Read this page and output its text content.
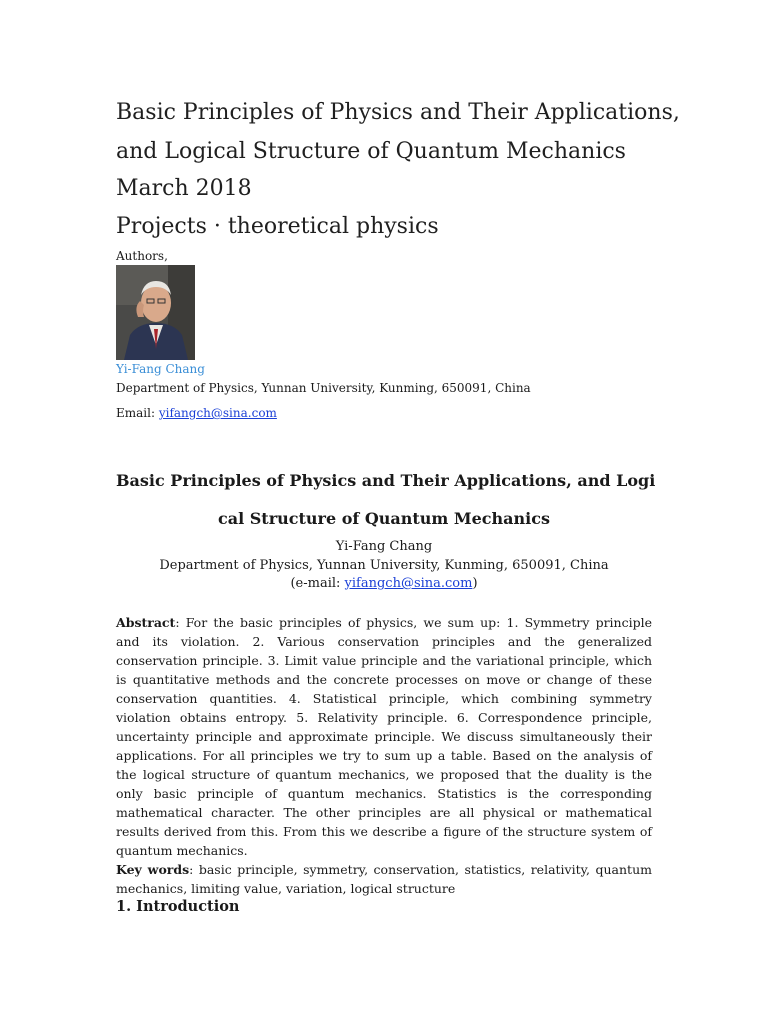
Basic Principles of Physics and Their Applications,
and Logical Structure of Quantum Mechanics
March 2018
Projects · theoretical physics
Authors,
Yi-Fang Chang
Department of Physics, Yunnan University, Kunming, 650091, China
Email: yifangch@sina.com
Basic Principles of Physics and Their Applications, and Logi
cal Structure of Quantum Mechanics
Yi-Fang Chang
Department of Physics, Yunnan University, Kunming, 650091, China
(e-mail: yifangch@sina.com)

Abstract: For the basic principles of physics, we sum up: 1. Symmetry principle and its violation. 2. Various conservation principles and the generalized conservation principle. 3. Limit value principle and the variational principle, which is quantitative methods and the concrete processes on move or change of these conservation quantities. 4. Statistical principle, which combining symmetry violation obtains entropy. 5. Relativity principle. 6. Correspondence principle, uncertainty principle and approximate principle. We discuss simultaneously their applications. For all principles we try to sum up a table. Based on the analysis of the logical structure of quantum mechanics, we proposed that the duality is the only basic principle of quantum mechanics. Statistics is the corresponding mathematical character. The other principles are all physical or mathematical results derived from this. From this we describe a figure of the structure system of quantum mechanics.
Key words: basic principle, symmetry, conservation, statistics, relativity, quantum mechanics, limiting value, variation, logical structure

1. Introduction
